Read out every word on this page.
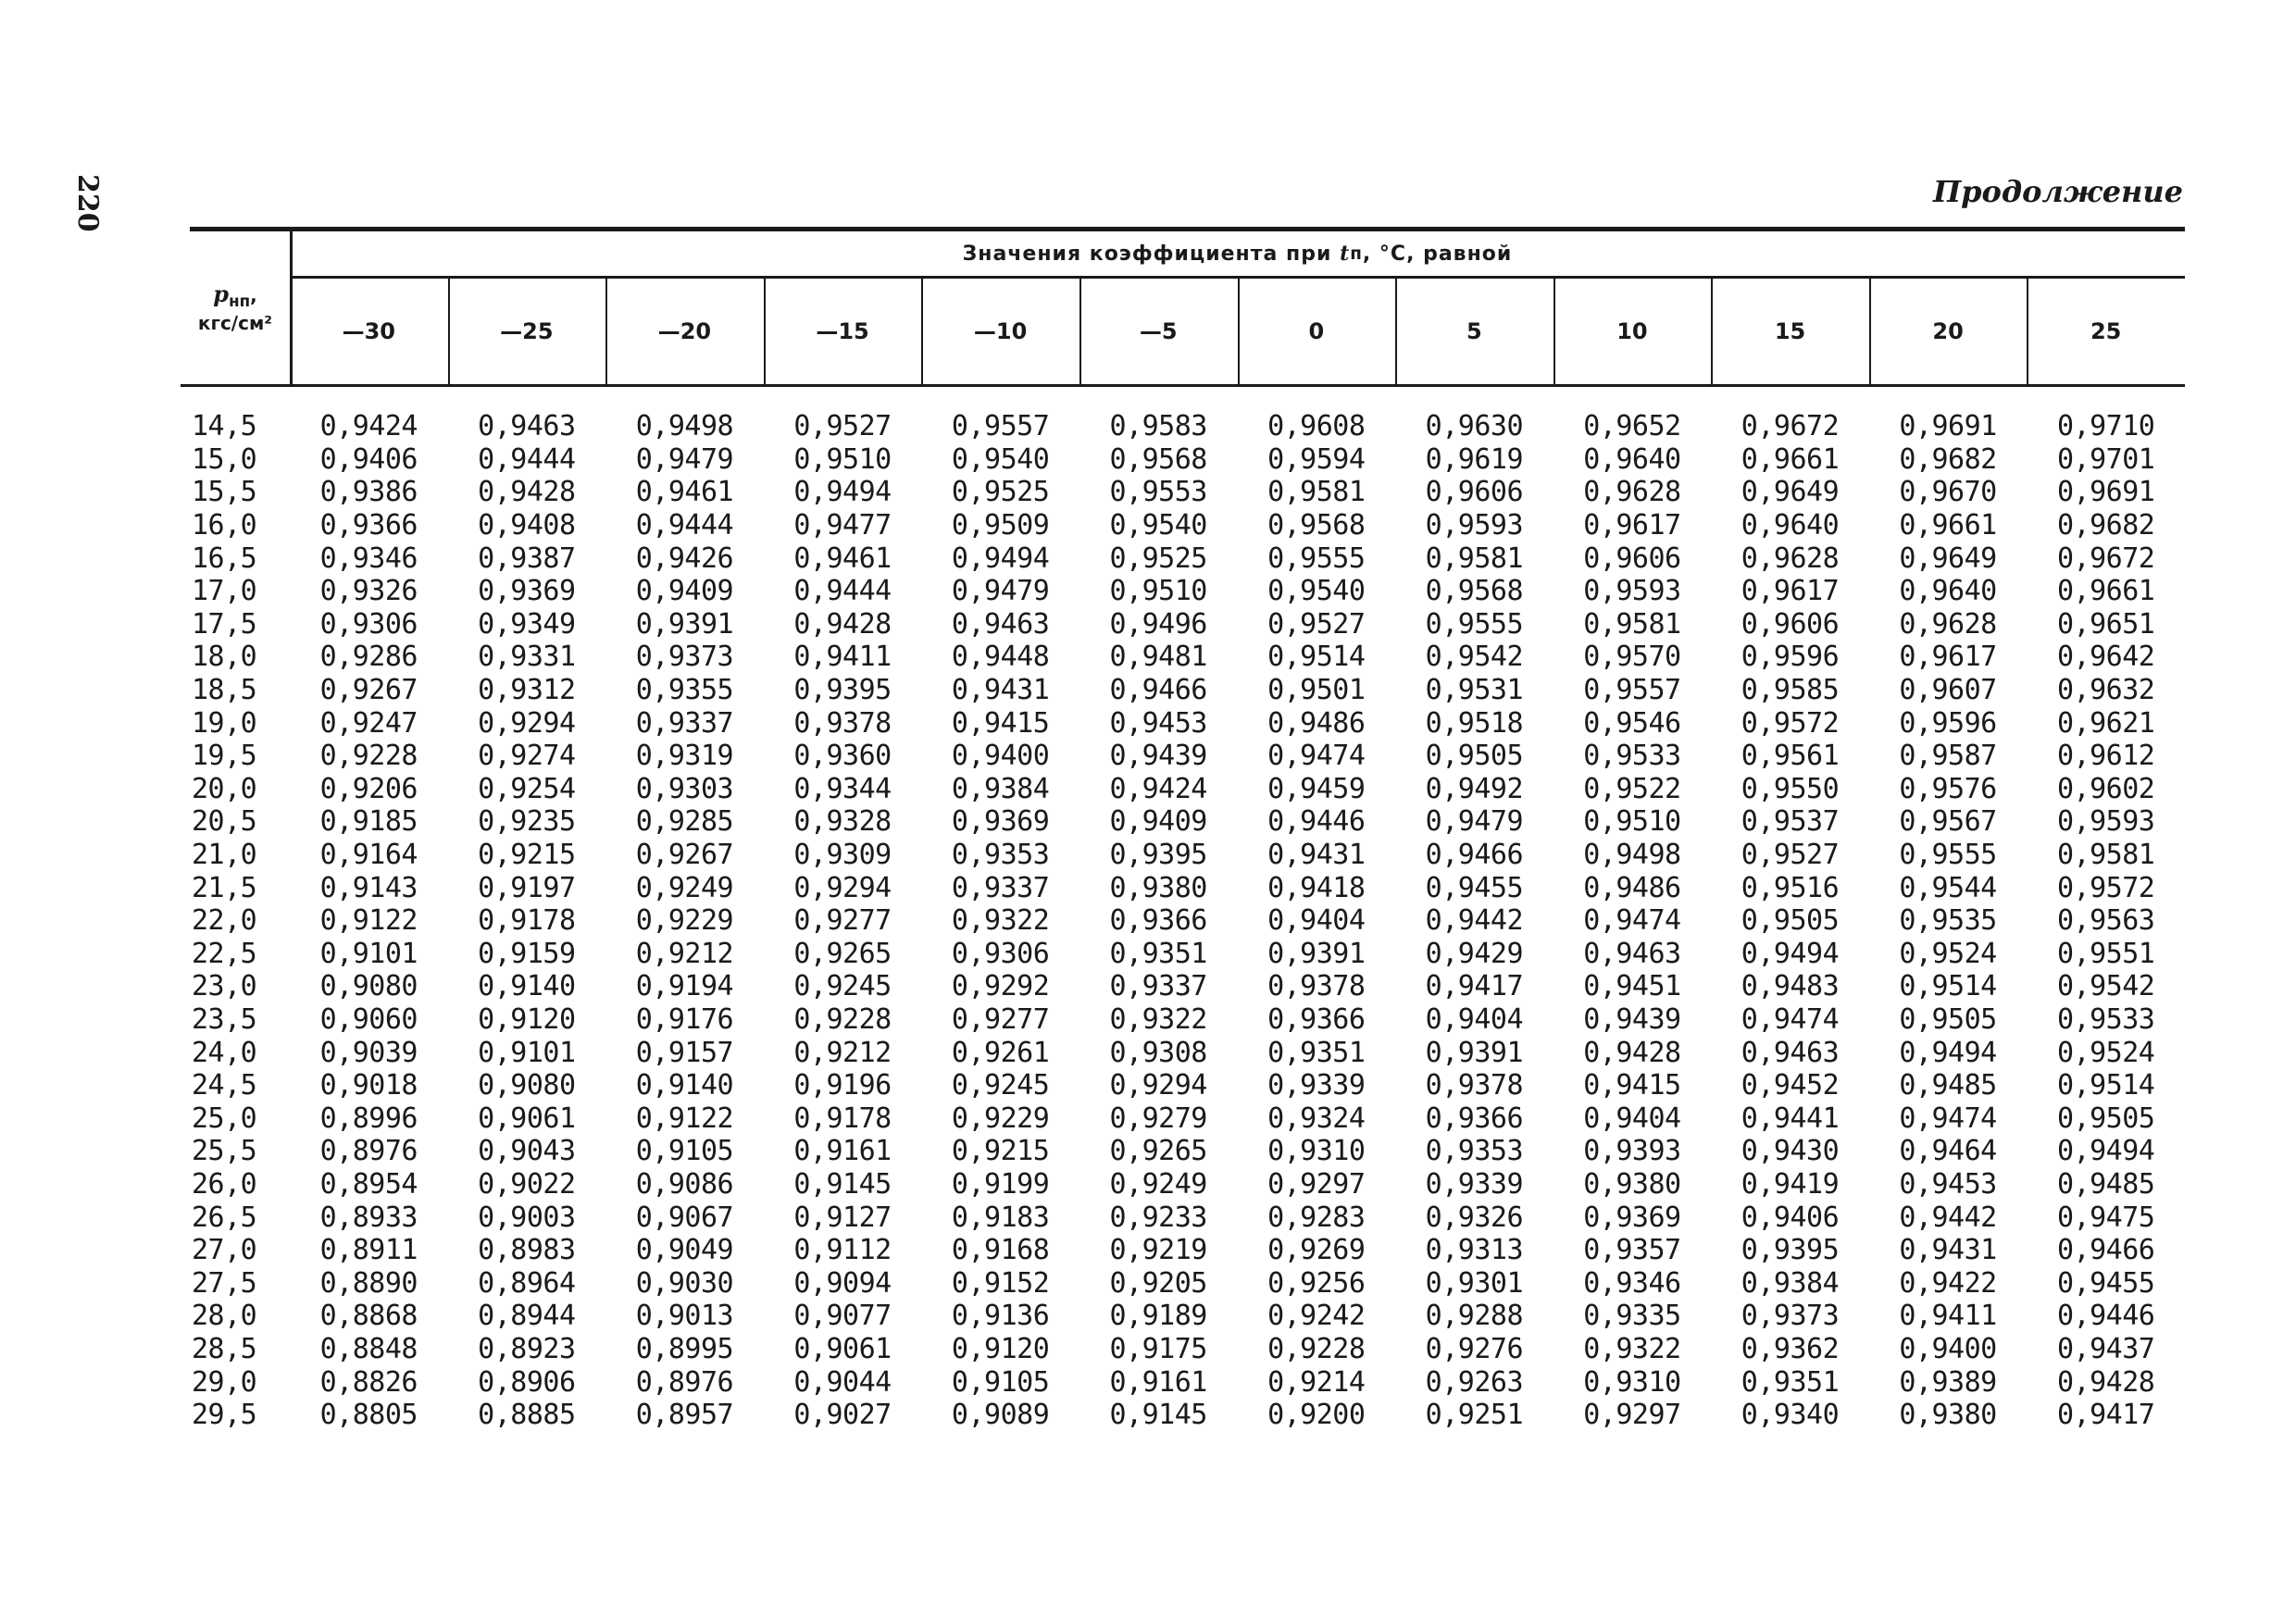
220	Продолжение
$p_{нп}$,
кгс/см²
Значения коэффициента при
t п , °С, равной
—30	—25	—20	—15	—10	—5	0	5	10	15	20	25
14,5	0,9424	0,9463	0,9498	0,9527	0,9557	0,9583	0,9608	0,9630	0,9652	0,9672	0,9691	0,9710
15,0	0,9406	0,9444	0,9479	0,9510	0,9540	0,9568	0,9594	0,9619	0,9640	0,9661	0,9682	0,9701
15,5	0,9386	0,9428	0,9461	0,9494	0,9525	0,9553	0,9581	0,9606	0,9628	0,9649	0,9670	0,9691
16,0	0,9366	0,9408	0,9444	0,9477	0,9509	0,9540	0,9568	0,9593	0,9617	0,9640	0,9661	0,9682
16,5	0,9346	0,9387	0,9426	0,9461	0,9494	0,9525	0,9555	0,9581	0,9606	0,9628	0,9649	0,9672
17,0	0,9326	0,9369	0,9409	0,9444	0,9479	0,9510	0,9540	0,9568	0,9593	0,9617	0,9640	0,9661
17,5	0,9306	0,9349	0,9391	0,9428	0,9463	0,9496	0,9527	0,9555	0,9581	0,9606	0,9628	0,9651
18,0	0,9286	0,9331	0,9373	0,9411	0,9448	0,9481	0,9514	0,9542	0,9570	0,9596	0,9617	0,9642
18,5	0,9267	0,9312	0,9355	0,9395	0,9431	0,9466	0,9501	0,9531	0,9557	0,9585	0,9607	0,9632
19,0	0,9247	0,9294	0,9337	0,9378	0,9415	0,9453	0,9486	0,9518	0,9546	0,9572	0,9596	0,9621
19,5	0,9228	0,9274	0,9319	0,9360	0,9400	0,9439	0,9474	0,9505	0,9533	0,9561	0,9587	0,9612
20,0	0,9206	0,9254	0,9303	0,9344	0,9384	0,9424	0,9459	0,9492	0,9522	0,9550	0,9576	0,9602
20,5	0,9185	0,9235	0,9285	0,9328	0,9369	0,9409	0,9446	0,9479	0,9510	0,9537	0,9567	0,9593
21,0	0,9164	0,9215	0,9267	0,9309	0,9353	0,9395	0,9431	0,9466	0,9498	0,9527	0,9555	0,9581
21,5	0,9143	0,9197	0,9249	0,9294	0,9337	0,9380	0,9418	0,9455	0,9486	0,9516	0,9544	0,9572
22,0	0,9122	0,9178	0,9229	0,9277	0,9322	0,9366	0,9404	0,9442	0,9474	0,9505	0,9535	0,9563
22,5	0,9101	0,9159	0,9212	0,9265	0,9306	0,9351	0,9391	0,9429	0,9463	0,9494	0,9524	0,9551
23,0	0,9080	0,9140	0,9194	0,9245	0,9292	0,9337	0,9378	0,9417	0,9451	0,9483	0,9514	0,9542
23,5	0,9060	0,9120	0,9176	0,9228	0,9277	0,9322	0,9366	0,9404	0,9439	0,9474	0,9505	0,9533
24,0	0,9039	0,9101	0,9157	0,9212	0,9261	0,9308	0,9351	0,9391	0,9428	0,9463	0,9494	0,9524
24,5	0,9018	0,9080	0,9140	0,9196	0,9245	0,9294	0,9339	0,9378	0,9415	0,9452	0,9485	0,9514
25,0	0,8996	0,9061	0,9122	0,9178	0,9229	0,9279	0,9324	0,9366	0,9404	0,9441	0,9474	0,9505
25,5	0,8976	0,9043	0,9105	0,9161	0,9215	0,9265	0,9310	0,9353	0,9393	0,9430	0,9464	0,9494
26,0	0,8954	0,9022	0,9086	0,9145	0,9199	0,9249	0,9297	0,9339	0,9380	0,9419	0,9453	0,9485
26,5	0,8933	0,9003	0,9067	0,9127	0,9183	0,9233	0,9283	0,9326	0,9369	0,9406	0,9442	0,9475
27,0	0,8911	0,8983	0,9049	0,9112	0,9168	0,9219	0,9269	0,9313	0,9357	0,9395	0,9431	0,9466
27,5	0,8890	0,8964	0,9030	0,9094	0,9152	0,9205	0,9256	0,9301	0,9346	0,9384	0,9422	0,9455
28,0	0,8868	0,8944	0,9013	0,9077	0,9136	0,9189	0,9242	0,9288	0,9335	0,9373	0,9411	0,9446
28,5	0,8848	0,8923	0,8995	0,9061	0,9120	0,9175	0,9228	0,9276	0,9322	0,9362	0,9400	0,9437
29,0	0,8826	0,8906	0,8976	0,9044	0,9105	0,9161	0,9214	0,9263	0,9310	0,9351	0,9389	0,9428
29,5	0,8805	0,8885	0,8957	0,9027	0,9089	0,9145	0,9200	0,9251	0,9297	0,9340	0,9380	0,9417
